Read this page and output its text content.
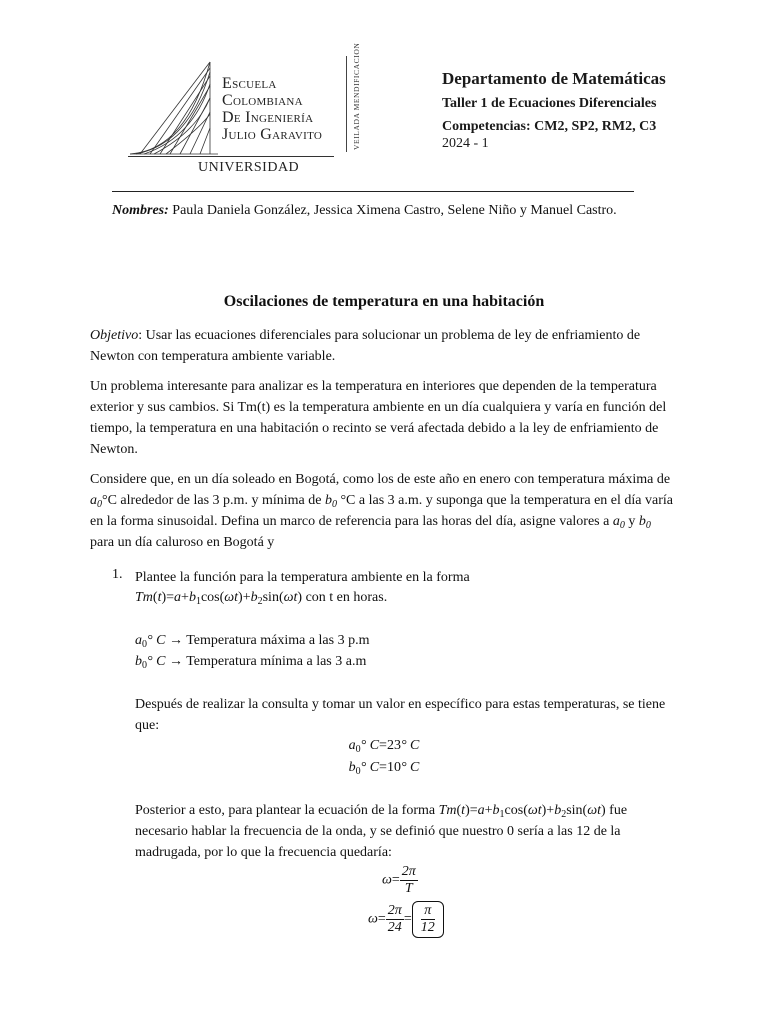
Escuela
Colombiana
De Ingeniería
Julio Garavito
UNIVERSIDAD
VEILADA MENDIFICACION	Departamento de Matemáticas
Taller 1 de Ecuaciones Diferenciales
Competencias: CM2, SP2, RM2, C3
2024 - 1
Nombres: Paula Daniela González, Jessica Ximena Castro, Selene Niño y Manuel Castro.
Oscilaciones de temperatura en una habitación
Objetivo: Usar las ecuaciones diferenciales para solucionar un problema de ley de enfriamiento de Newton con temperatura ambiente variable.
Un problema interesante para analizar es la temperatura en interiores que dependen de la temperatura exterior y sus cambios. Si Tm(t) es la temperatura ambiente en un día cualquiera y varía en función del tiempo, la temperatura en una habitación o recinto se verá afectada debido a la ley de enfriamiento de Newton.
Considere que, en un día soleado en Bogotá, como los de este año en enero con temperatura máxima de $a_0^\circ C$ alrededor de las 3 p.m. y mínima de $b_0$ °C a las 3 a.m. y suponga que la temperatura en el día varía en la forma sinusoidal. Defina un marco de referencia para las horas del día, asigne valores a $a_0$ y $b_0$ para un día caluroso en Bogotá y
1. Plantee la función para la temperatura ambiente en la forma
$Tm(t)=a+b_1\cos(\omega t)+b_2\sin(\omega t)$ con t en horas.
$a_0^\circ$ C → Temperatura máxima a las 3 p.m
$b_0^\circ$ C → Temperatura mínima a las 3 a.m
Después de realizar la consulta y tomar un valor en específico para estas temperaturas, se tiene que:
$a_0^\circ$ C=23° C
$b_0^\circ$ C=10° C
Posterior a esto, para plantear la ecuación de la forma $Tm(t)=a+b_1\cos(\omega t)+b_2\sin(\omega t)$ fue necesario hablar la frecuencia de la onda, y se definió que nuestro 0 sería a las 12 de la madrugada, por lo que la frecuencia quedaría:
$\omega= \frac{2\pi}{T}$
$\omega= \frac{2\pi}{24} = \frac{\pi}{12}$
